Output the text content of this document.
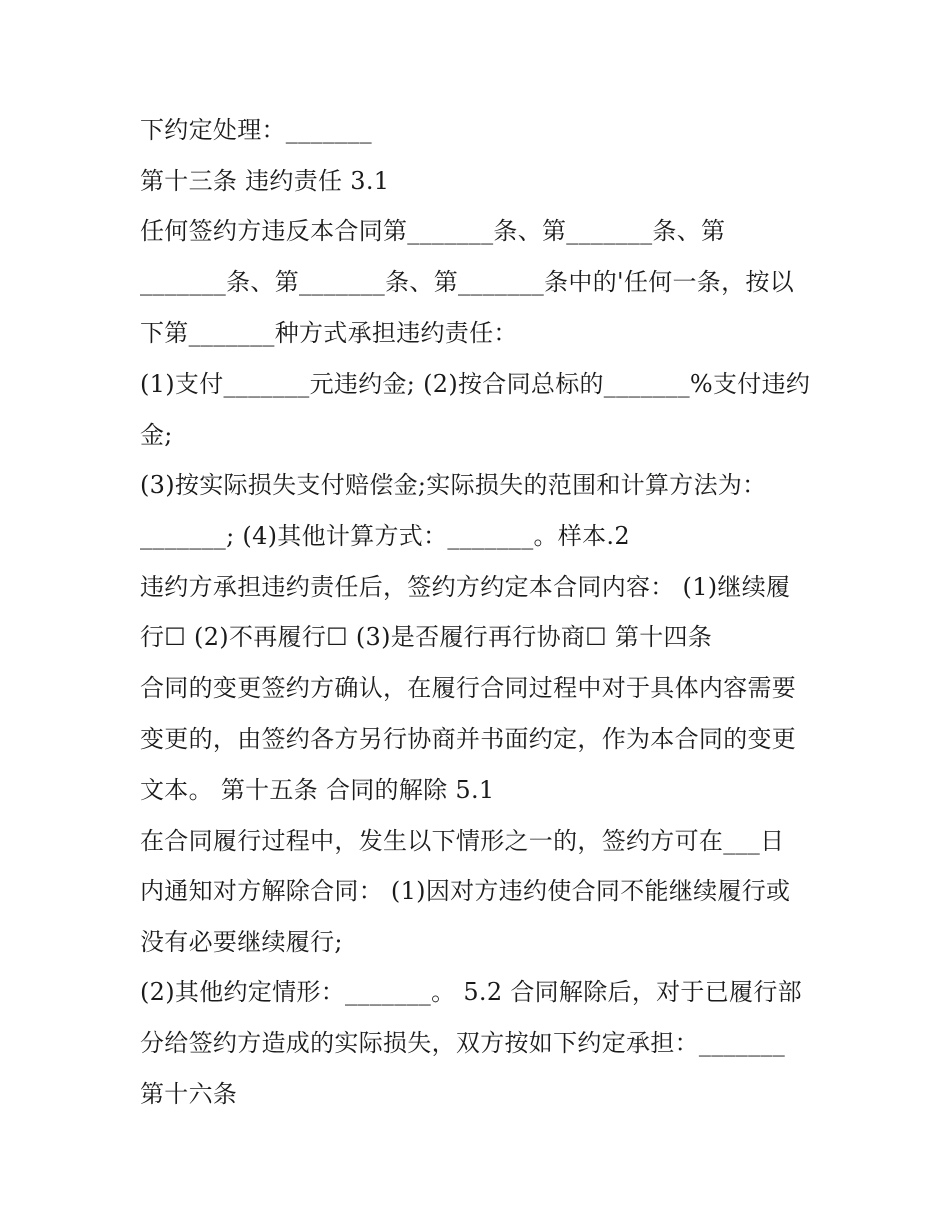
下约定处理：_______
第十三条 违约责任 3.1
任何签约方违反本合同第_______条、第_______条、第
_______条、第_______条、第_______条中的'任何一条，按以
下第_______种方式承担违约责任：
(1)支付_______元违约金; (2)按合同总标的_______%支付违约
金;
(3)按实际损失支付赔偿金;实际损失的范围和计算方法为：
_______; (4)其他计算方式：_______。样本.2
违约方承担违约责任后，签约方约定本合同内容： (1)继续履
行☐ (2)不再履行☐ (3)是否履行再行协商☐ 第十四条
合同的变更签约方确认，在履行合同过程中对于具体内容需要
变更的，由签约各方另行协商并书面约定，作为本合同的变更
文本。 第十五条 合同的解除 5.1
在合同履行过程中，发生以下情形之一的，签约方可在___日
内通知对方解除合同： (1)因对方违约使合同不能继续履行或
没有必要继续履行;
(2)其他约定情形：_______。 5.2 合同解除后，对于已履行部
分给签约方造成的实际损失，双方按如下约定承担：_______
第十六条
